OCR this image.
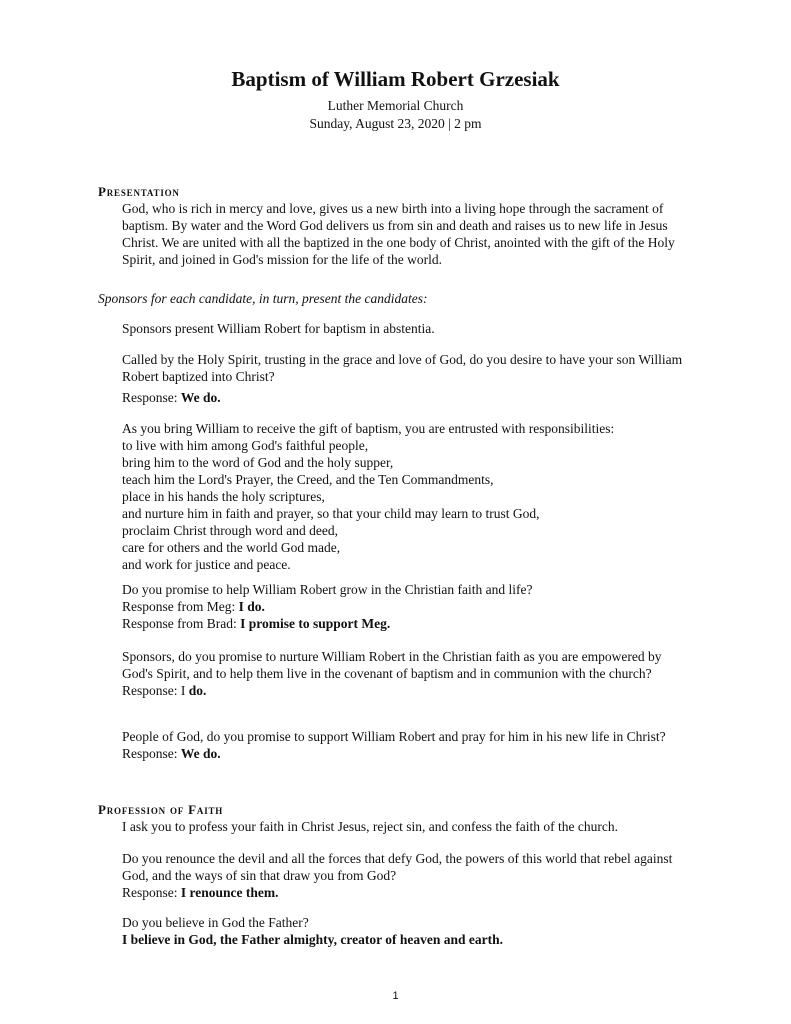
Baptism of William Robert Grzesiak
Luther Memorial Church
Sunday, August 23, 2020 | 2 pm
Presentation
God, who is rich in mercy and love, gives us a new birth into a living hope through the sacrament of baptism. By water and the Word God delivers us from sin and death and raises us to new life in Jesus Christ. We are united with all the baptized in the one body of Christ, anointed with the gift of the Holy Spirit, and joined in God's mission for the life of the world.
Sponsors for each candidate, in turn, present the candidates:
Sponsors present William Robert for baptism in abstentia.
Called by the Holy Spirit, trusting in the grace and love of God, do you desire to have your son William Robert baptized into Christ?
Response: We do.
As you bring William to receive the gift of baptism, you are entrusted with responsibilities:
to live with him among God's faithful people,
bring him to the word of God and the holy supper,
teach him the Lord's Prayer, the Creed, and the Ten Commandments,
place in his hands the holy scriptures,
and nurture him in faith and prayer, so that your child may learn to trust God,
proclaim Christ through word and deed,
care for others and the world God made,
and work for justice and peace.
Do you promise to help William Robert grow in the Christian faith and life?
Response from Meg: I do.
Response from Brad: I promise to support Meg.
Sponsors, do you promise to nurture William Robert in the Christian faith as you are empowered by God's Spirit, and to help them live in the covenant of baptism and in communion with the church?
Response: I do.
People of God, do you promise to support William Robert and pray for him in his new life in Christ?
Response: We do.
Profession of Faith
I ask you to profess your faith in Christ Jesus, reject sin, and confess the faith of the church.
Do you renounce the devil and all the forces that defy God, the powers of this world that rebel against God, and the ways of sin that draw you from God?
Response: I renounce them.
Do you believe in God the Father?
I believe in God, the Father almighty, creator of heaven and earth.
1
